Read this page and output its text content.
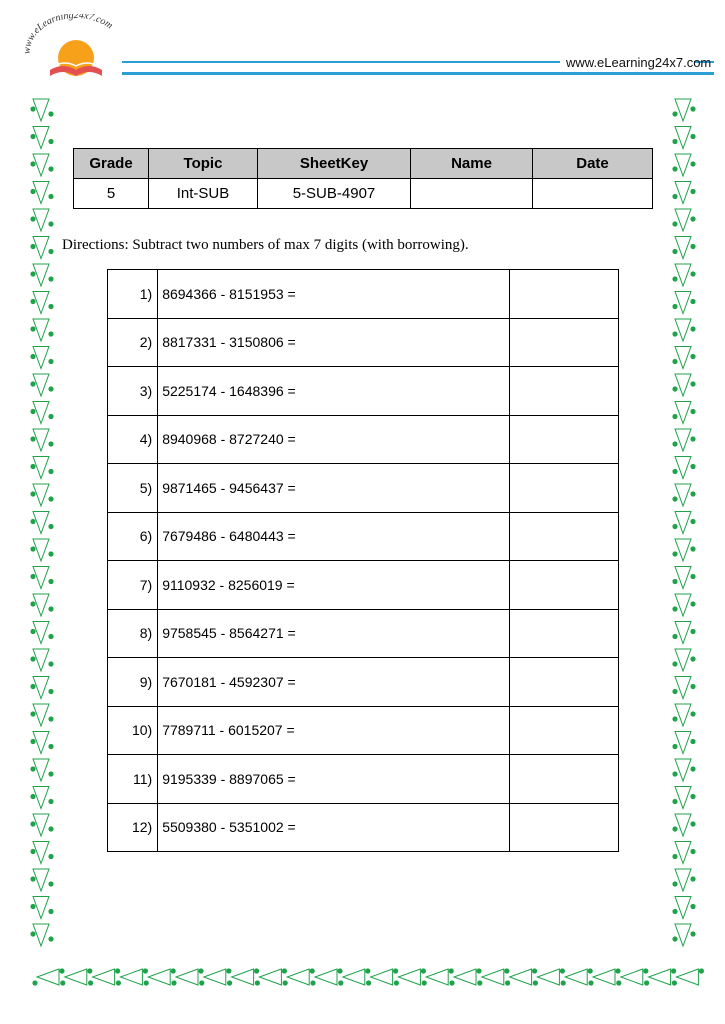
www.eLearning24x7.com
www.eLearning24x7.com
Grade	Topic	SheetKey	Name	Date
5	Int-SUB	5-SUB-4907		
Directions: Subtract two numbers of max 7 digits (with borrowing).
1)	8694366 - 8151953 =	
2)	8817331 - 3150806 =	
3)	5225174 - 1648396 =	
4)	8940968 - 8727240 =	
5)	9871465 - 9456437 =	
6)	7679486 - 6480443 =	
7)	9110932 - 8256019 =	
8)	9758545 - 8564271 =	
9)	7670181 - 4592307 =	
10)	7789711 - 6015207 =	
11)	9195339 - 8897065 =	
12)	5509380 - 5351002 =	
